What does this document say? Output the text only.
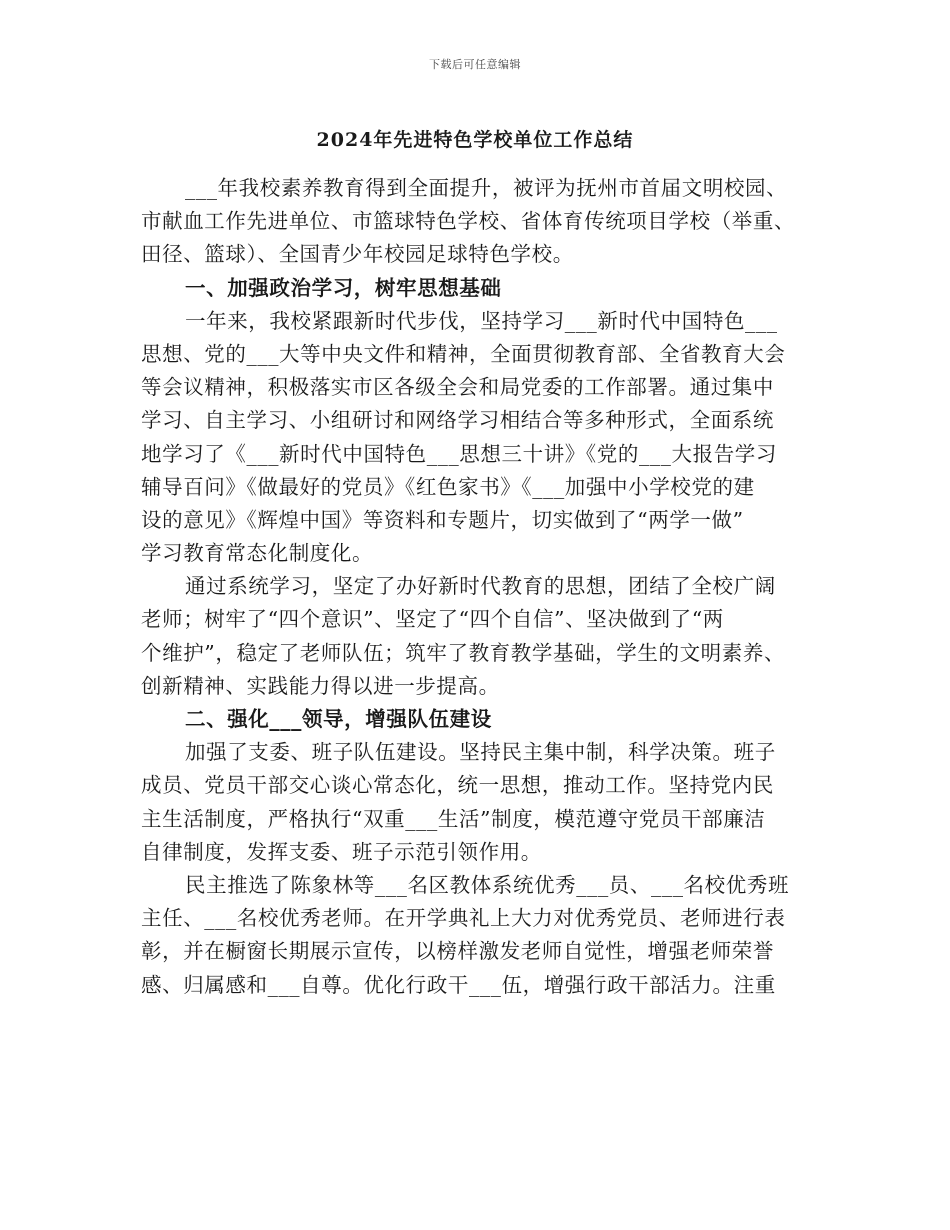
下载后可任意编辑
2024年先进特色学校单位工作总结
___年我校素养教育得到全面提升，被评为抚州市首届文明校园、
市献血工作先进单位、市篮球特色学校、省体育传统项目学校（举重、
田径、篮球）、全国青少年校园足球特色学校。
一、加强政治学习，树牢思想基础
一年来，我校紧跟新时代步伐，坚持学习___新时代中国特色___
思想、党的___大等中央文件和精神，全面贯彻教育部、全省教育大会
等会议精神，积极落实市区各级全会和局党委的工作部署。通过集中
学习、自主学习、小组研讨和网络学习相结合等多种形式，全面系统
地学习了《___新时代中国特色___思想三十讲》《党的___大报告学习
辅导百问》《做最好的党员》《红色家书》《___加强中小学校党的建
设的意见》《辉煌中国》等资料和专题片，切实做到了“两学一做”
学习教育常态化制度化。
通过系统学习，坚定了办好新时代教育的思想，团结了全校广阔
老师；树牢了“四个意识”、坚定了“四个自信”、坚决做到了“两
个维护”，稳定了老师队伍；筑牢了教育教学基础，学生的文明素养、
创新精神、实践能力得以进一步提高。
二、强化___领导，增强队伍建设
加强了支委、班子队伍建设。坚持民主集中制，科学决策。班子
成员、党员干部交心谈心常态化，统一思想，推动工作。坚持党内民
主生活制度，严格执行“双重___生活”制度，模范遵守党员干部廉洁
自律制度，发挥支委、班子示范引领作用。
民主推选了陈象林等___名区教体系统优秀___员、___名校优秀班
主任、___名校优秀老师。在开学典礼上大力对优秀党员、老师进行表
彰，并在橱窗长期展示宣传，以榜样激发老师自觉性，增强老师荣誉
感、归属感和___自尊。优化行政干___伍，增强行政干部活力。注重
